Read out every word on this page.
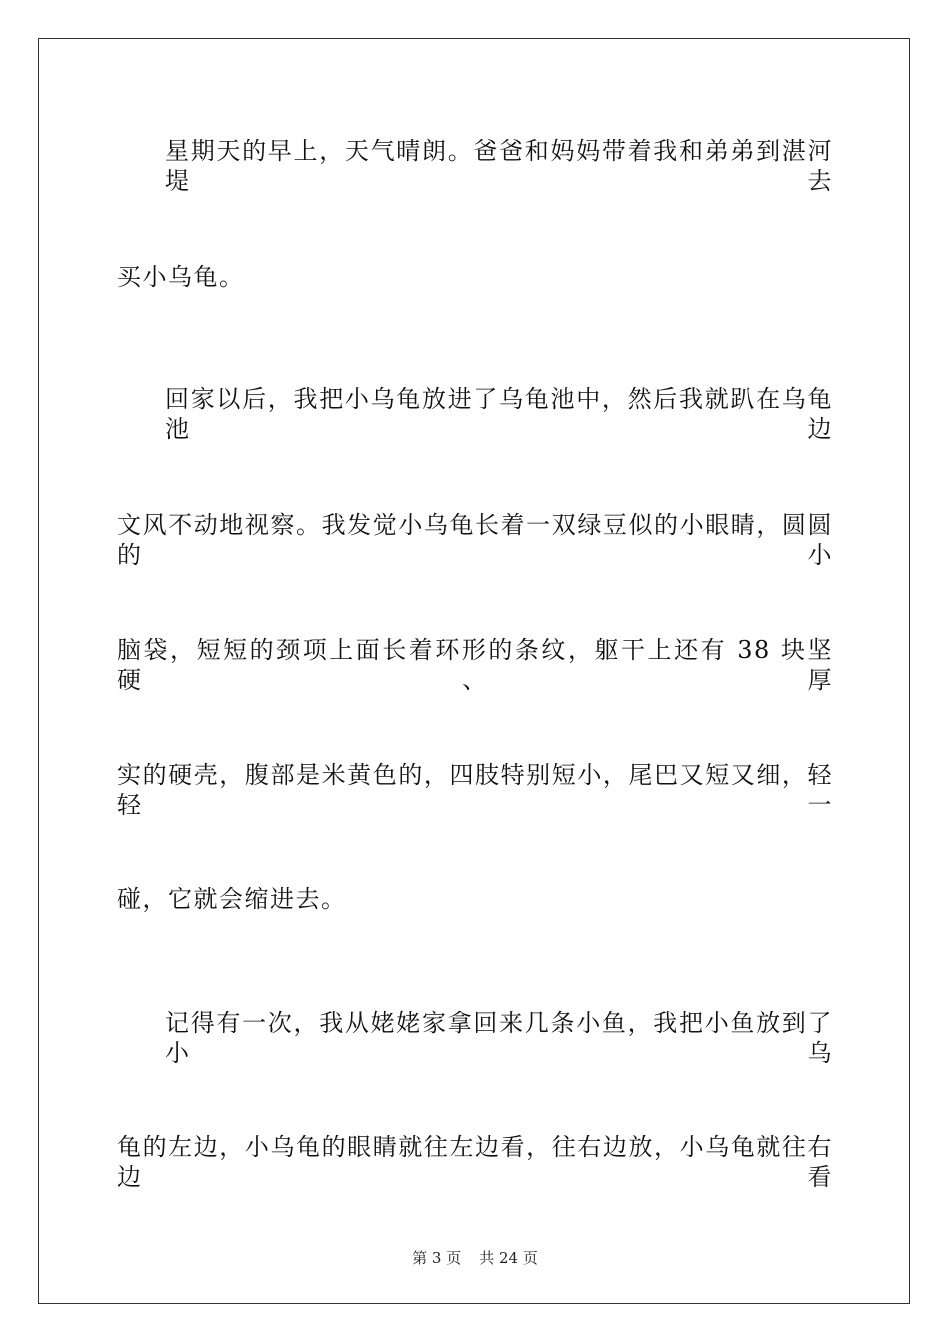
星期天的早上，天气晴朗。爸爸和妈妈带着我和弟弟到湛河堤去
买小乌龟。
回家以后，我把小乌龟放进了乌龟池中，然后我就趴在乌龟池边
文风不动地视察。我发觉小乌龟长着一双绿豆似的小眼睛，圆圆的小
脑袋，短短的颈项上面长着环形的条纹，躯干上还有 38 块坚硬、厚
实的硬壳，腹部是米黄色的，四肢特别短小，尾巴又短又细，轻轻一
碰，它就会缩进去。
记得有一次，我从姥姥家拿回来几条小鱼，我把小鱼放到了小乌
龟的左边，小乌龟的眼睛就往左边看，往右边放，小乌龟就往右边看
第 3 页 共 24 页
